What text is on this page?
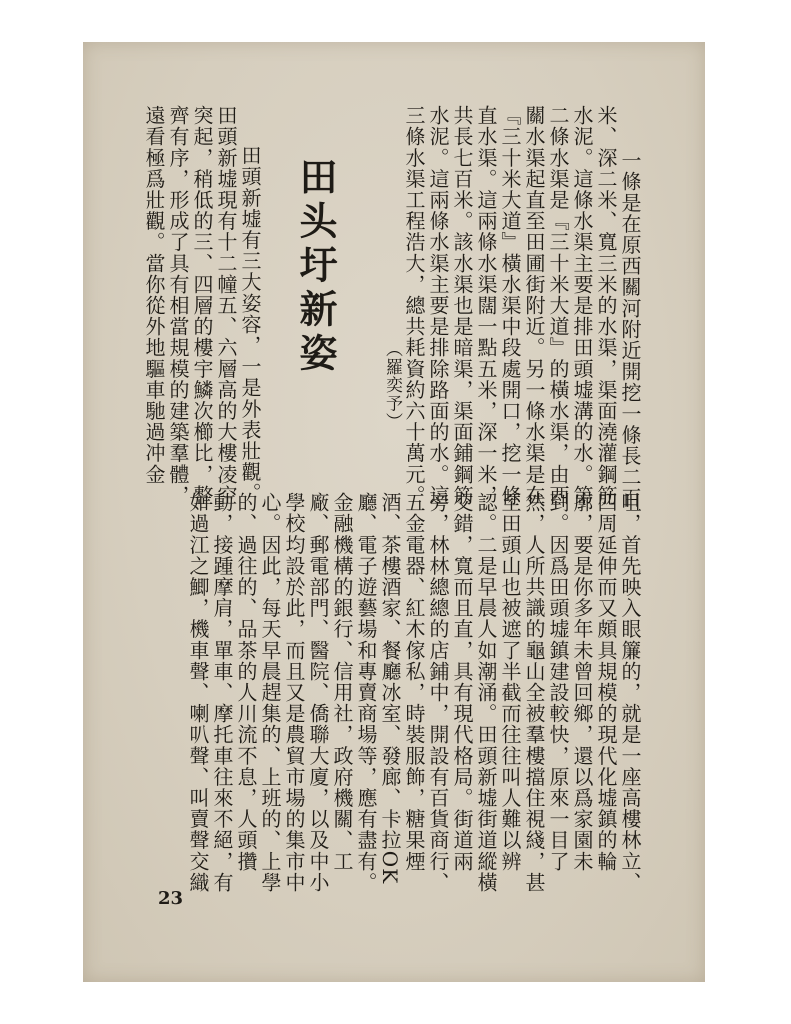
一條是在原西關河附近開挖一條長二百
米、深二米、寬三米的水渠，渠面澆灌鋼筋
水泥。這條水渠主要是排田頭墟溝的水。第
二條水渠是『三十米大道』的橫水渠，由西
關水渠起直至田圃街附近。另一條水渠是在
『三十米大道』橫水渠中段處開口，挖一條
直水渠。這兩條水渠闊一點五米，深一米，
共長七百米。該水渠也是暗渠，渠面鋪鋼筋
水泥。這兩條水渠主要是排除路面的水。這
三條水渠工程浩大，總共耗資約六十萬元。
（羅奕予）
田头圩新姿
田頭新墟有三大姿容，一是外表壯觀。
田頭新墟現有十二幢五、六層高的大樓凌空
突起，稍低的三、四層的樓宇鱗次櫛比，整
齊有序，形成了具有相當規模的建築羣體，
遠看極爲壯觀。當你從外地驅車馳過冲金
咀，首先映入眼簾的，就是一座高樓林立、
四周延伸而又頗具規模的現代化墟鎮的輪
廓，要是你多年未曾回鄉，還以爲家園未
到。因爲田頭墟鎮建設較快，原來一目了
然，人所共識的龜山全被羣樓擋住視綫，甚
至田頭山也被遮了半截而往往叫人難以辨
認。二是早晨人如潮涌。田頭新墟街道縱橫
交錯，寬而且直，具有現代格局。街道兩
旁，林林總總的店鋪中，開設有百貨商行、
五金電器、紅木傢私，時裝服飾，糖果煙
酒、茶樓酒家、餐廳冰室、發廊、卡拉OK
廳、電子遊藝場和專賣商場等，應有盡有。
金融機構的銀行、信用社，政府機關、工
廠、郵電部門、醫院、僑聯大廈，以及中小
學校均設於此，而且又是農貿市場的集市中
心。因此，每天早晨趕集的、上班的、上學
的、過往的、品茶的人川流不息，人頭攢
動，接踵摩肩，單車、摩托車往來不絕，有
如過江之鯽，機車聲、喇叭聲、叫賣聲交織
23
